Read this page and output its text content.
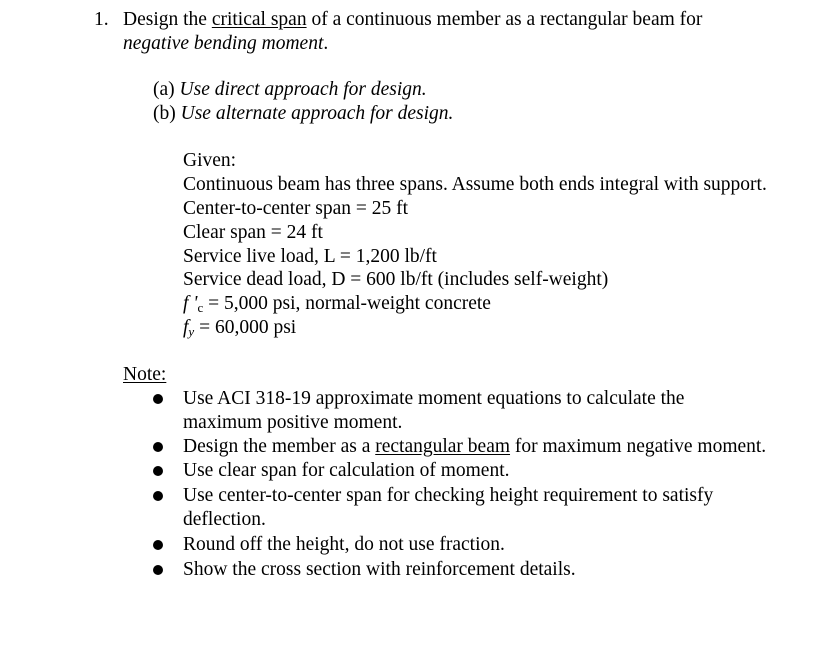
1. Design the critical span of a continuous member as a rectangular beam for
negative bending moment.
(a) Use direct approach for design.
(b) Use alternate approach for design.
Given:
Continuous beam has three spans. Assume both ends integral with support.
Center-to-center span = 25 ft
Clear span = 24 ft
Service live load, L = 1,200 lb/ft
Service dead load, D = 600 lb/ft (includes self-weight)
f '$_c = 5,000$ psi, normal-weight concrete
$f_y = 60,000$ psi
Note:
Use ACI 318-19 approximate moment equations to calculate the
maximum positive moment.
Design the member as a rectangular beam for maximum negative moment.
Use clear span for calculation of moment.
Use center-to-center span for checking height requirement to satisfy
deflection.
Round off the height, do not use fraction.
Show the cross section with reinforcement details.
